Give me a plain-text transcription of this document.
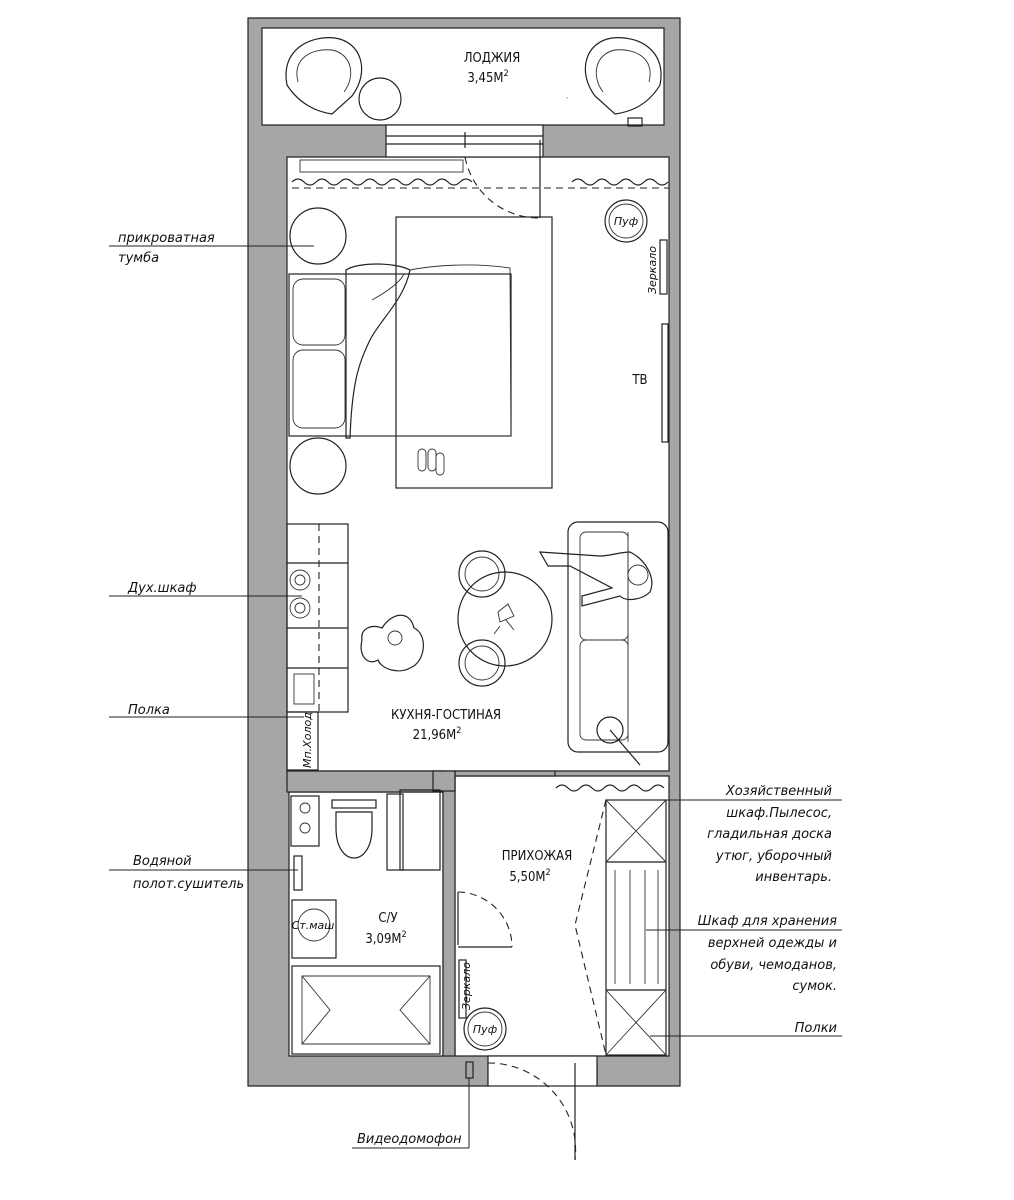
ЛОДЖИЯ
$3,45М^2$
Пуф
Зеркало
ТВ
Мп.Холод	КУХНЯ-ГОСТИНАЯ
$21,96М^2$
Зеркало
Пуф
ПРИХОЖАЯ
$5,50М^2$
Ст.маш	С/У
$3,09М^2$
прикроватная
тумба
Дух.шкаф
Полка
Водяной
полот.сушитель
Хозяйственный
шкаф.Пылесос,
гладильная доска
утюг, уборочный
инвентарь.
Шкаф для хранения
верхней одежды и
обуви, чемоданов,
сумок.
Полки
Видеодомофон
